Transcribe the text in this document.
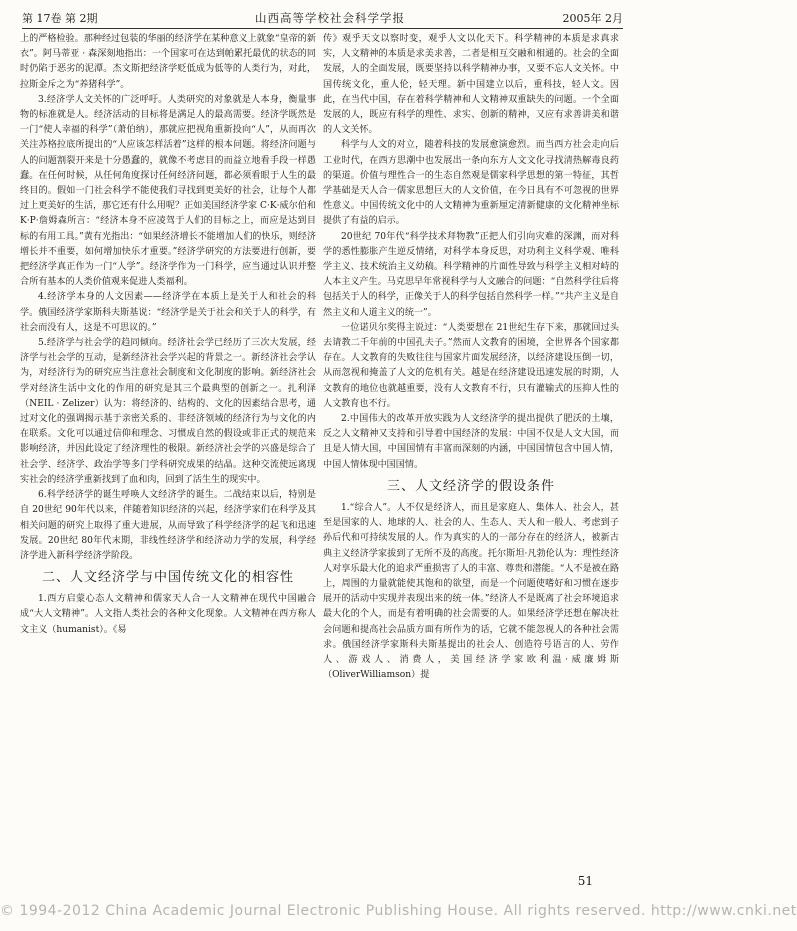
第 17卷 第 2期	山西高等学校社会科学学报	2005年 2月

上的严格检验。那种经过包装的华丽的经济学在某种意义上就象“皇帝的新衣”。阿马蒂亚 · 森深刻地指出：一个国家可在达到帕累托最优的状态的同时仍陷于恶劣的泥潭。杰文斯把经济学贬低成为低等的人类行为，对此，拉斯金斥之为“养猪科学”。

3.经济学人文关怀的广泛呼吁。人类研究的对象就是人本身，衡量事物的标准就是人。经济活动的目标将是满足人的最高需要。经济学既然是一门“使人幸福的科学”（萧伯纳），那就应把视角重新投向“人”，从而再次关注苏格拉底所提出的“人应该怎样活着”这样的根本问题。将经济问题与人的问题割裂开来是十分愚蠢的，就像不考虑目的而益立地看手段一样愚蠢。在任何时候，从任何角度探讨任何经济问题，都必须看眼于人生的最终目的。假如一门社会科学不能使我们寻找到更美好的社会，让每个人都过上更美好的生活，那它还有什么用呢？正如美国经济学家 C·K·威尔伯和 K·P·詹姆森所言：“经济本身不应凌驾于人们的目标之上，而应是达到目标的有用工具。”黄有光指出：“如果经济增长不能增加人们的快乐，则经济增长并不重要，如何增加快乐才重要。”经济学研究的方法要进行创新，要把经济学真正作为一门“人学”。经济学作为一门科学，应当通过认识并整合所有基本的人类价值观来促进人类福利。

4.经济学本身的人文因素——经济学在本质上是关于人和社会的科学。俄国经济学家斯科夫斯基说：“经济学是关于社会和关于人的科学，有社会而没有人，这是不可思议的。”

5.经济学与社会学的趋同倾向。经济社会学已经历了三次大发展，经济学与社会学的互动，是新经济社会学兴起的背景之一。新经济社会学认为，对经济行为的研究应当注意社会制度和文化制度的影响。新经济社会学对经济生活中文化的作用的研究是其三个最典型的创新之一。扎利泽（NEIL · Zelizer）认为：将经济的、结构的、文化的因素结合思考，通过对文化的强调揭示基于亲密关系的、非经济领域的经济行为与文化的内在联系。文化可以通过信仰和理念、习惯成自然的假设或非正式的规范来影响经济，并因此设定了经济理性的极限。新经济社会学的兴盛是综合了社会学、经济学、政治学等多门学科研究成果的结晶。这种交流使远离现实社会的经济学重新找到了血和肉，回到了活生生的现实中。

6.科学经济学的诞生呼唤人文经济学的诞生。二战结束以后，特别是自 20世纪 90年代以来，伴随着知识经济的兴起，经济学家们在科学及其相关问题的研究上取得了重大进展，从而导致了科学经济学的起飞和迅速发展。20世纪 80年代末期，非线性经济学和经济动力学的发展，科学经济学进入新科学经济学阶段。

二、人文经济学与中国传统文化的相容性

1.西方启蒙心态人文精神和儒家天人合一人文精神在现代中国融合成“大人文精神”。人文指人类社会的各种文化现象。人文精神在西方称人文主义（humanist）。《易

传》观乎天文以察时变，观乎人文以化天下。科学精神的本质是求真求实，人文精神的本质是求美求善，二者是相互交融和相通的。社会的全面发展，人的全面发展，既要坚持以科学精神办事，又要不忘人文关怀。中国传统文化，重人伦，轻天理。新中国建立以后，重科技，轻人文。因此，在当代中国，存在着科学精神和人文精神双重缺失的问题。一个全面发展的人，既应有科学的理性、求实、创新的精神，又应有求善讲美和谐的人文关怀。

科学与人文的对立，随着科技的发展愈演愈烈。而当西方社会走向后工业时代，在西方思潮中也发展出一条向东方人文文化寻找清热解毒良药的渠道。价值与理性合一的生态自然观是儒家科学思想的第一特征，其哲学基础是天人合一儒家思想巨大的人文价值，在今日具有不可忽视的世界性意义。中国传统文化中的人文精神为重新厘定清新健康的文化精神坐标提供了有益的启示。

20世纪 70年代“科学技术拜物教”正把人们引向灾难的深渊，而对科学的悉性膨胀产生逆反情绪，对科学本身反思，对功利主义科学观、唯科学主义、技术统治主义幼稿。科学精神的片面性导致与科学主义相对峙的人本主义产生。马克思早年常视科学与人文融合的问题：“自然科学往后将包括关于人的科学，正像关于人的科学包括自然科学一样。”“共产主义是自然主义和人道主义的统一”。

一位诺贝尔奖得主说过：“人类要想在 21世纪生存下来，那就回过头去请教二千年前的中国孔夫子。”然而人文教育的困境，全世界各个国家都存在。人文教育的失败往往与国家片面发展经济，以经济建设压倒一切，从而忽视和掩盖了人文的危机有关。越是在经济建设迅速发展的时期，人文教育的地位也就越重要，没有人文教育不行，只有灌输式的压抑人性的人文教育也不行。

2.中国伟大的改革开放实践为人文经济学的提出提供了肥沃的土壤，反之人文精神又支持和引导着中国经济的发展：中国不仅是人文大国，而且是人情大国，中国国情有丰富而深刻的内涵，中国国情包含中国人情，中国人情体现中国国情。

三、人文经济学的假设条件

1.“综合人”。人不仅是经济人，而且是家庭人、集体人、社会人，甚至是国家的人、地球的人、社会的人、生态人、天人和一般人、考虑到子孙后代和可持续发展的人。作为真实的人的一部分存在的经济人，被新古典主义经济学家拔到了无所不及的高度。托尔斯坦·凡勃伦认为：理性经济人对享乐最大化的追求严重损害了人的丰富、尊贵和潜能。“人不是被在路上，周围的力量就能使其饱和的欲望，而是一个问题使嗜好和习惯在逐步展开的活动中实现并表现出来的统一体。”经济人不是既离了社会环境追求最大化的个人，而是有着明确的社会需要的人。如果经济学还想在解决社会问题和提高社会品质方面有所作为的话，它就不能忽视人的各种社会需求。俄国经济学家斯科夫斯基提出的社会人、创造符号语言的人、劳作人、游戏人、消费人，美国经济学家欧利温·威廉姆斯（OliverWilliamson）提

51
© 1994-2012 China Academic Journal Electronic Publishing House. All rights reserved. http://www.cnki.net
